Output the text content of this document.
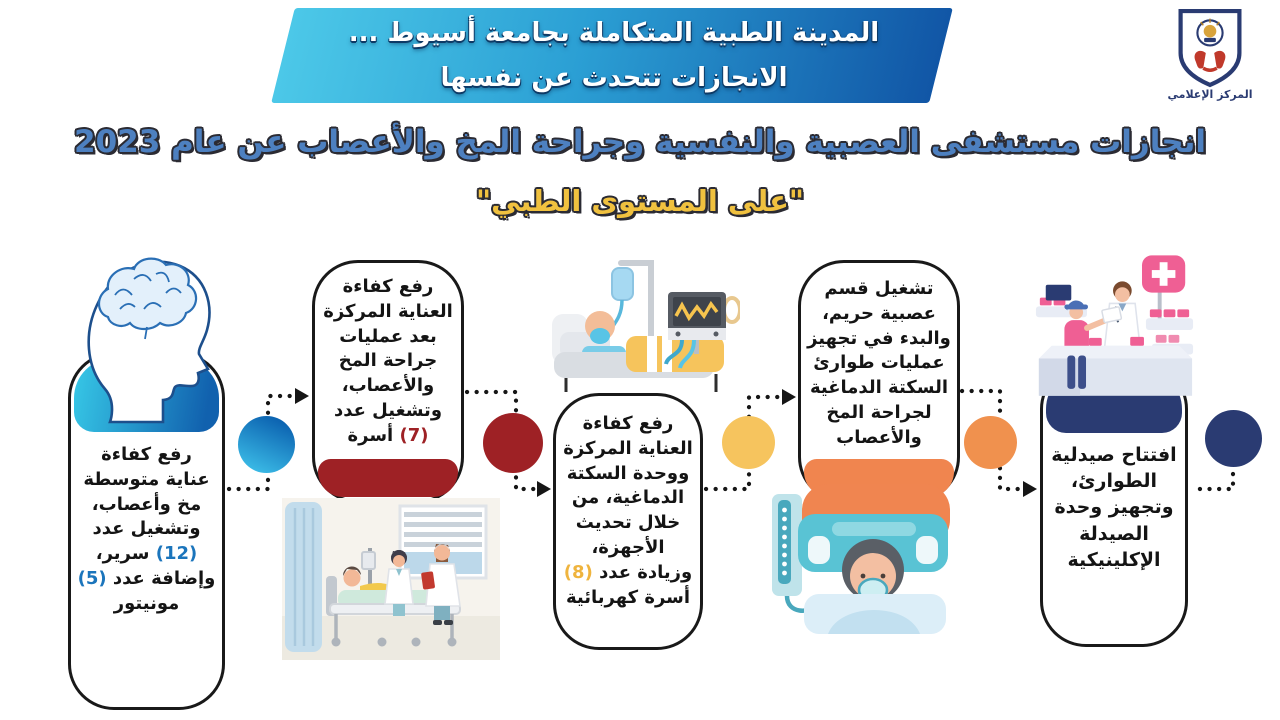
المدينة الطبية المتكاملة بجامعة أسيوط ...
الانجازات تتحدث عن نفسها
المركز الإعلامي
انجازات مستشفى العصبية والنفسية وجراحة المخ والأعصاب عن عام 2023
"على المستوى الطبي"
رفع كفاءة عناية متوسطة مخ وأعصاب، وتشغيل عدد (12) سرير، وإضافة عدد (5) مونيتور
رفع كفاءة العناية المركزة بعد عمليات جراحة المخ والأعصاب، وتشغيل عدد (7) أسرة
رفع كفاءة العناية المركزة ووحدة السكتة الدماغية، من خلال تحديث الأجهزة، وزيادة عدد (8) أسرة كهربائية
تشغيل قسم عصبية حريم، والبدء في تجهيز عمليات طوارئ السكتة الدماغية لجراحة المخ والأعصاب
افتتاح صيدلية الطوارئ، وتجهيز وحدة الصيدلة الإكلينيكية
